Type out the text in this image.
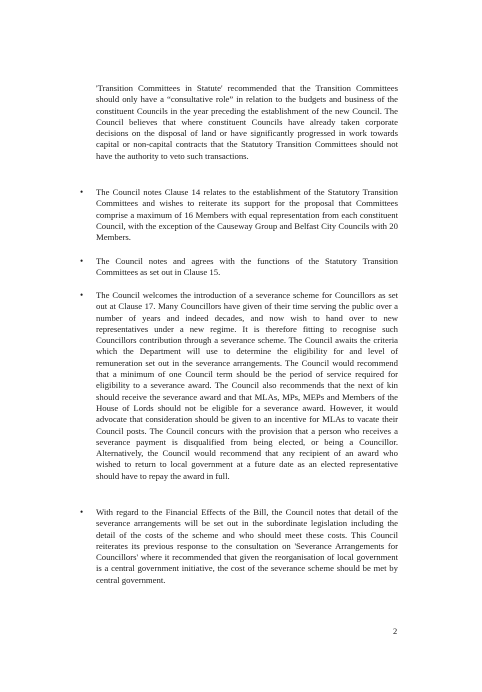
'Transition Committees in Statute' recommended that the Transition Committees should only have a “consultative role” in relation to the budgets and business of the constituent Councils in the year preceding the establishment of the new Council. The Council believes that where constituent Councils have already taken corporate decisions on the disposal of land or have significantly progressed in work towards capital or non-capital contracts that the Statutory Transition Committees should not have the authority to veto such transactions.

• The Council notes Clause 14 relates to the establishment of the Statutory Transition Committees and wishes to reiterate its support for the proposal that Committees comprise a maximum of 16 Members with equal representation from each constituent Council, with the exception of the Causeway Group and Belfast City Councils with 20 Members.

• The Council notes and agrees with the functions of the Statutory Transition Committees as set out in Clause 15.

• The Council welcomes the introduction of a severance scheme for Councillors as set out at Clause 17. Many Councillors have given of their time serving the public over a number of years and indeed decades, and now wish to hand over to new representatives under a new regime. It is therefore fitting to recognise such Councillors contribution through a severance scheme. The Council awaits the criteria which the Department will use to determine the eligibility for and level of remuneration set out in the severance arrangements. The Council would recommend that a minimum of one Council term should be the period of service required for eligibility to a severance award. The Council also recommends that the next of kin should receive the severance award and that MLAs, MPs, MEPs and Members of the House of Lords should not be eligible for a severance award. However, it would advocate that consideration should be given to an incentive for MLAs to vacate their Council posts. The Council concurs with the provision that a person who receives a severance payment is disqualified from being elected, or being a Councillor. Alternatively, the Council would recommend that any recipient of an award who wished to return to local government at a future date as an elected representative should have to repay the award in full.

• With regard to the Financial Effects of the Bill, the Council notes that detail of the severance arrangements will be set out in the subordinate legislation including the detail of the costs of the scheme and who should meet these costs. This Council reiterates its previous response to the consultation on 'Severance Arrangements for Councillors' where it recommended that given the reorganisation of local government is a central government initiative, the cost of the severance scheme should be met by central government.

2
